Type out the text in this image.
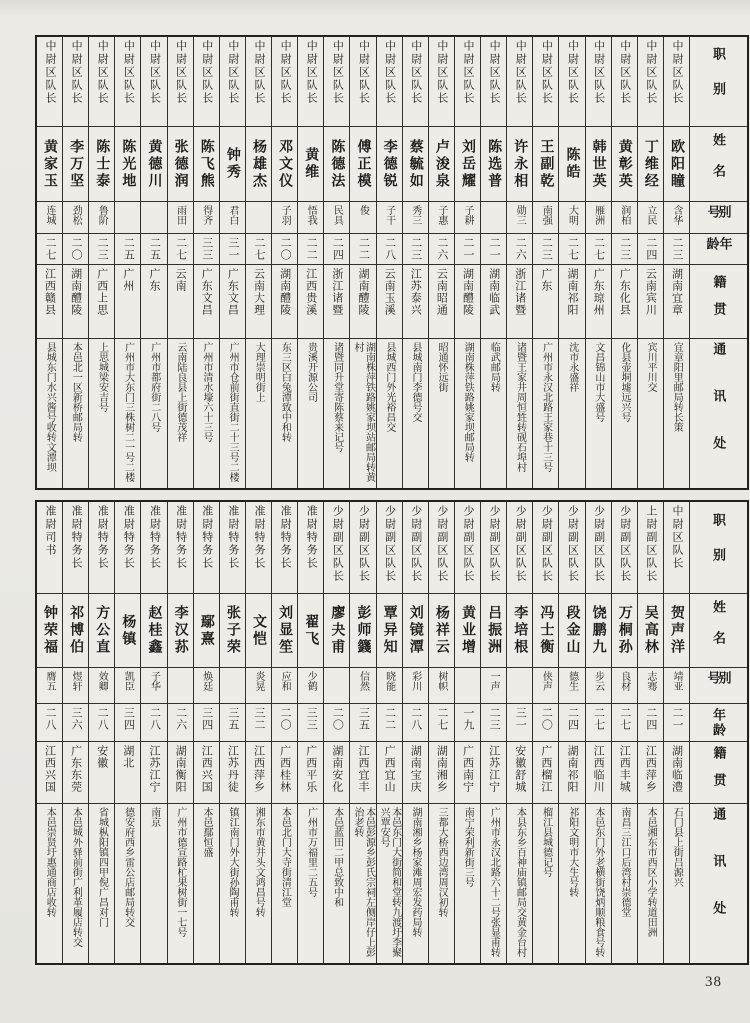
职别
姓名
别号
年龄
籍贯
通讯处
中尉区队长
欧阳瞳
含华
二三
湖南宜章
宜章阳里邮局转长策
中尉区队长
丁维经
立民
二四
云南宾川
宾川平川交
中尉区队长
黄彰英
润柏
二三
广东化县
化县壶垌墟远兴号
中尉区队长
韩世英
雁洲
二七
广东琼州
文昌锦山市大盛号
中尉区队长
陈皓
大明
二七
湖南祁阳
沈市永盛祥
中尉区队长
王副乾
南强
二三
广东
广州市永汉北路王家巷十三号
中尉区队长
许永相
勋三
二六
浙江诸暨
诸暨王家井周恒甡转砚石埠村
中尉区队长
陈选普
二一
湖南临武
临武邮局转
中尉区队长
刘岳耀
子耕
二一
湖南醴陵
湖南株萍铁路姚家坝邮局转
中尉区队长
卢浚泉
子惠
二六
云南昭通
昭通怀远街
中尉区队长
蔡毓如
秀三
二三
江苏泰兴
县城南门李德号交
中尉区队长
李德锐
子干
二八
云南玉溪
县城西门外光裕昌交
中尉区队长
傅正模
俊
二二
湖南醴陵
湖南株萍铁路姚家坝站邮局转黄村
中尉区队长
陈德法
民具
二四
浙江诸暨
诸暨同升堂寄陈蔡来记号
中尉区队长
黄维
悟我
二二
江西贵溪
贵溪开源公司
中尉区队长
邓文仪
子羽
二〇
湖南醴陵
东三区白兔潭致中和转
中尉区队长
杨雄杰
二七
云南大理
大理崇明街上
中尉区队长
钟秀
君白
三一
广东文昌
广州市仓前街直街二十三号二楼
中尉区队长
陈飞熊
得齐
三三
广东文昌
广州市清水壕六十三号
中尉区队长
张德润
雨田
二七
云南
云南陆良县上街德茂祥
中尉区队长
黄德川
二五
广东
广州市都府街二八号
中尉区队长
陈光地
二五
广州
广州市大东门三株树二一号二楼
中尉区队长
陈士泰
鲁阶
二三
广西上思
上思城梁安吉号
中尉区队长
李万坚
劲松
二〇
湖南醴陵
本邑北一区新桥邮局转
中尉区队长
黄家玉
连城
二七
江西赣县
县城东门水兴酱号收转文潭坝
职别
姓名
别号
年龄
籍贯
通讯处
中尉区队长
贺声洋
靖亚
二一
湖南临澧
石门县上街吕源兴
上尉副区队长
吴高林
志骞
二四
江西萍乡
本邑湘东市西区小学转道田洲
少尉副区队长
万桐孙
良材
二七
江西丰城
南昌三江口后湾村崇德堂
少尉副区队长
饶鹏九
步云
二七
江西临川
本邑东门外老横街饶炳顺粮食号转
少尉副区队长
段金山
德生
二四
湖南祁阳
祁阳文明市大生号转
少尉副区队长
冯士衡
侠声
二〇
广西榴江
榴江县城德记号
少尉副区队长
李培根
三一
安徽舒城
本县东乡百神庙镇邮局交黄金台村
少尉副区队长
吕振洲
一声
二三
江苏江宁
广州市永汉北路六十二号张显甫转
少尉副区队长
黄业增
一九
广西南宁
南宁荣利新街三号
少尉副区队长
杨祥云
树帜
二七
湖南湘乡
三都大桥西边湾周汉初转
少尉副区队长
刘镜潭
彩川
二八
湖南宝庆
湖南湘乡杨家滩周宏发药局转
少尉副区队长
覃异知
晓能
二二
广西宜山
本邑东门大街简和堂转九渡圩李聚兴覃安号
少尉副区队长
彭师籛
信然
三五
江西宜丰
本邑彭源乡彭氏宗祠左侧岸仔上彭治老转
少尉副区队长
廖夬甫
二〇
湖南安化
本邑蓝田二甲总致中和
准尉特务长
翟飞
少鹤
三三
广西平乐
广州市万福里二五号
准尉特务长
刘显笙
应和
二〇
广西桂林
本邑北门大寺街清江堂
准尉特务长
文恺
炎晃
三二
江西萍乡
湘东市黄井头文鸿昌号转
准尉特务长
张子荣
三五
江苏丹徒
镇江南门外大街孙陶甫转
准尉特务长
鄢熹
焕廷
三四
江西兴国
本邑鄢恒盛
准尉特务长
李汉荪
二六
湖南衡阳
广州市德宣路杧果树街一七号
准尉特务长
赵桂鑫
子华
二八
江苏江宁
南京
准尉特务长
杨镇
凯臣
三四
湖北
德安府西乡雷公店邮局转交
准尉特务长
方公直
效卿
二八
安徽
省城枞阳镇四甲倪广昌对门
准尉特务长
祁博伯
煜轩
三六
广东东莞
本邑城外驿前街广利革履店转交
准尉司书
钟荣福
膺五
二八
江西兴国
本邑崇贤圩惠通商店收转
38
